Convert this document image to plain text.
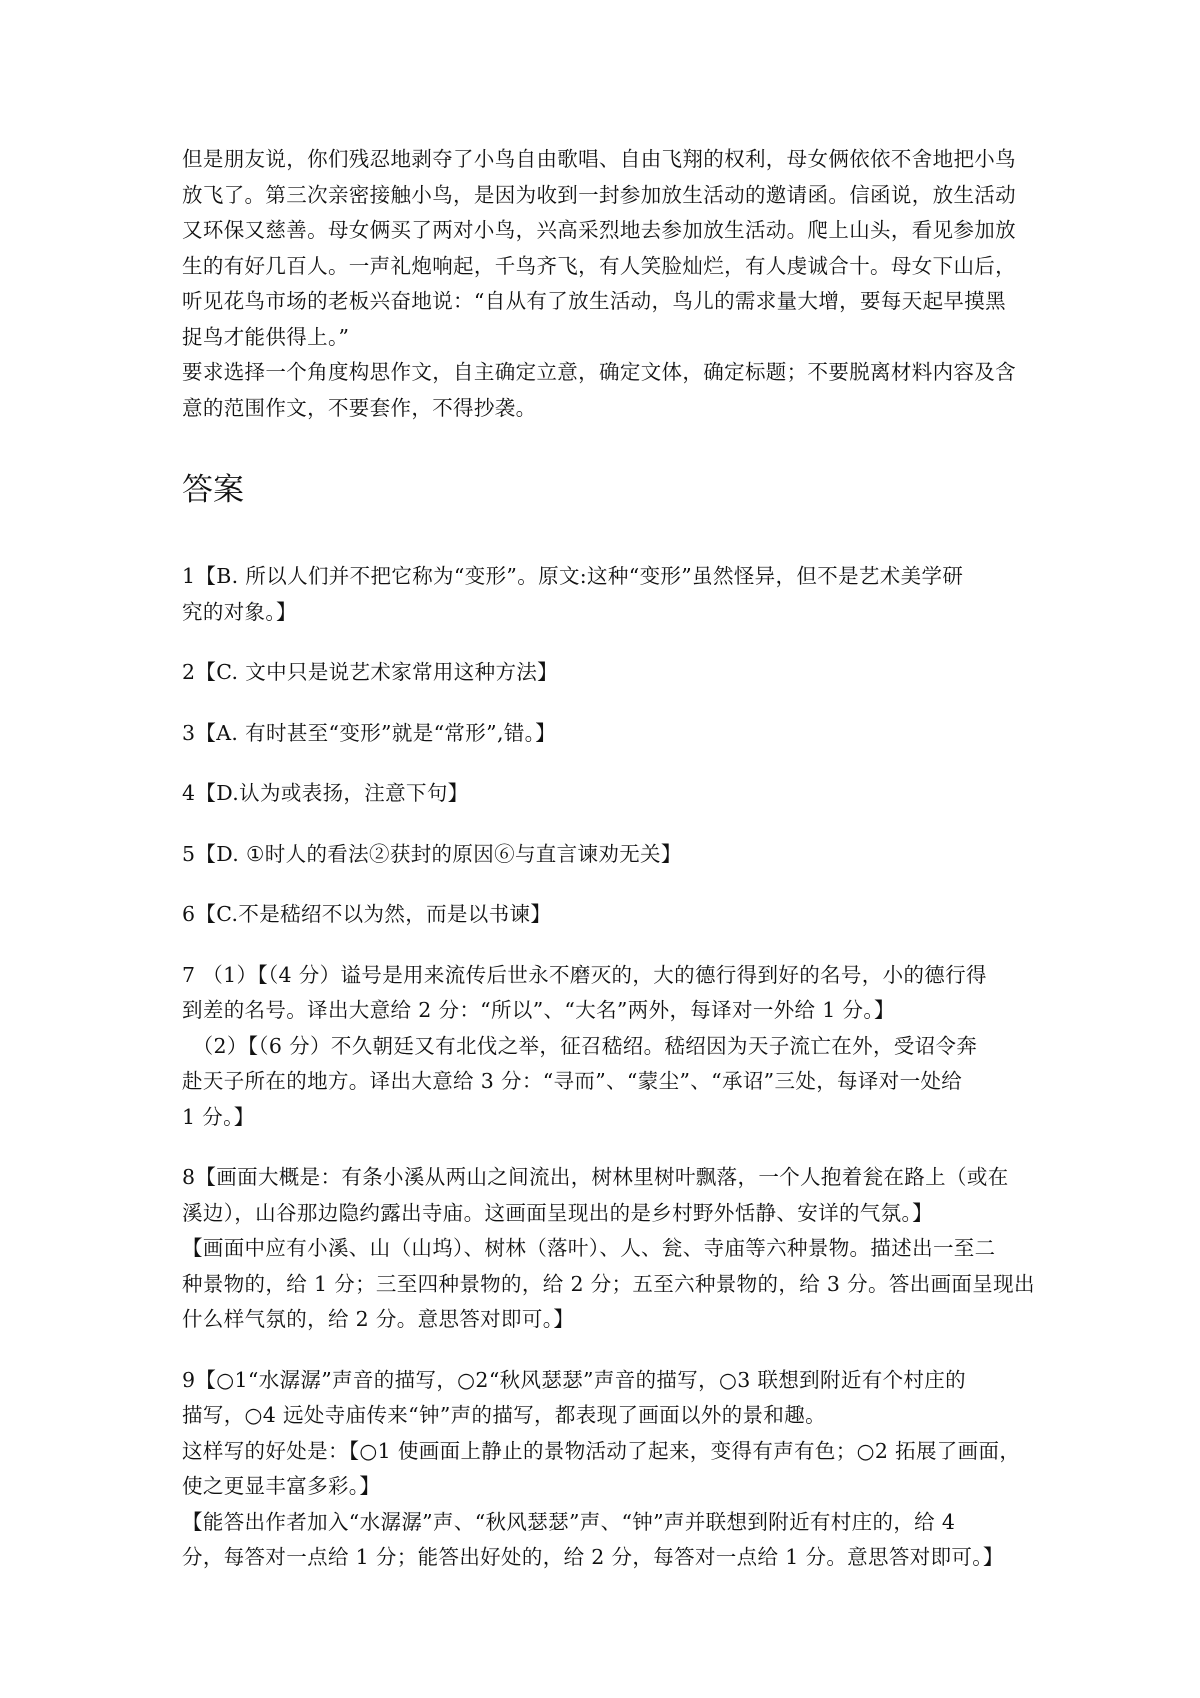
但是朋友说，你们残忍地剥夺了小鸟自由歌唱、自由飞翔的权利，母女俩依依不舍地把小鸟
放飞了。第三次亲密接触小鸟，是因为收到一封参加放生活动的邀请函。信函说，放生活动
又环保又慈善。母女俩买了两对小鸟，兴高采烈地去参加放生活动。爬上山头，看见参加放
生的有好几百人。一声礼炮响起，千鸟齐飞，有人笑脸灿烂，有人虔诚合十。母女下山后，
听见花鸟市场的老板兴奋地说：“自从有了放生活动，鸟儿的需求量大增，要每天起早摸黑
捉鸟才能供得上。”
要求选择一个角度构思作文，自主确定立意，确定文体，确定标题；不要脱离材料内容及含
意的范围作文，不要套作，不得抄袭。
答案
1【B. 所以人们并不把它称为“变形”。原文:这种“变形”虽然怪异，但不是艺术美学研
究的对象。】
2【C. 文中只是说艺术家常用这种方法】
3【A. 有时甚至“变形”就是“常形”,错。】
4【D.认为或表扬，注意下句】
5【D. ①时人的看法②获封的原因⑥与直言谏劝无关】
6【C.不是嵇绍不以为然，而是以书谏】
7 （1）【（4 分）谥号是用来流传后世永不磨灭的，大的德行得到好的名号，小的德行得
到差的名号。译出大意给 2 分：“所以”、“大名”两外，每译对一外给 1 分。】
　（2）【（6 分）不久朝廷又有北伐之举，征召嵇绍。嵇绍因为天子流亡在外，受诏令奔
赴天子所在的地方。译出大意给 3 分：“寻而”、“蒙尘”、“承诏”三处，每译对一处给
1 分。】
8【画面大概是：有条小溪从两山之间流出，树林里树叶飘落，一个人抱着瓮在路上（或在
溪边），山谷那边隐约露出寺庙。这画面呈现出的是乡村野外恬静、安详的气氛。】
【画面中应有小溪、山（山坞）、树林（落叶）、人、瓮、寺庙等六种景物。描述出一至二
种景物的，给 1 分；三至四种景物的，给 2 分；五至六种景物的，给 3 分。答出画面呈现出
什么样气氛的，给 2 分。意思答对即可。】
9【○1“水潺潺”声音的描写，○2“秋风瑟瑟”声音的描写，○3 联想到附近有个村庄的
描写，○4 远处寺庙传来“钟”声的描写，都表现了画面以外的景和趣。
这样写的好处是：【○1 使画面上静止的景物活动了起来，变得有声有色；○2 拓展了画面，
使之更显丰富多彩。】
【能答出作者加入“水潺潺”声、“秋风瑟瑟”声、“钟”声并联想到附近有村庄的，给 4
分，每答对一点给 1 分；能答出好处的，给 2 分，每答对一点给 1 分。意思答对即可。】
